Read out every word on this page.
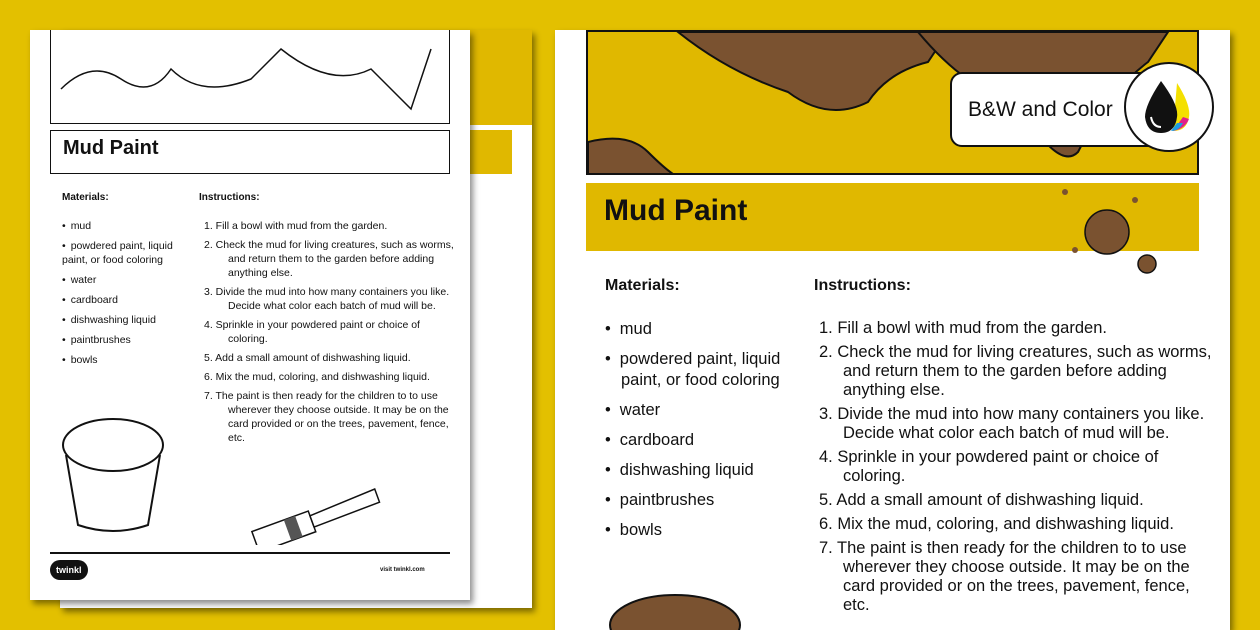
Mud Paint
Materials:	Instructions:
• mud
• powdered paint, liquid paint, or food coloring
• water
• cardboard
• dishwashing liquid
• paintbrushes
• bowls
1. Fill a bowl with mud from the garden.
2. Check the mud for living creatures, such as worms, and return them to the garden before adding anything else.
3. Divide the mud into how many containers you like. Decide what color each batch of mud will be.
4. Sprinkle in your powdered paint or choice of coloring.
5. Add a small amount of dishwashing liquid.
6. Mix the mud, coloring, and dishwashing liquid.
7. The paint is then ready for the children to to use wherever they choose outside. It may be on the card provided or on the trees, pavement, fence, etc.
twinkl	visit twinkl.com
Mud Paint
Materials:	Instructions:
• mud
• powdered paint, liquid paint, or food coloring
• water
• cardboard
• dishwashing liquid
• paintbrushes
• bowls
1. Fill a bowl with mud from the garden.
2. Check the mud for living creatures, such as worms, and return them to the garden before adding anything else.
3. Divide the mud into how many containers you like. Decide what color each batch of mud will be.
4. Sprinkle in your powdered paint or choice of coloring.
5. Add a small amount of dishwashing liquid.
6. Mix the mud, coloring, and dishwashing liquid.
7. The paint is then ready for the children to to use wherever they choose outside. It may be on the card provided or on the trees, pavement, fence, etc.
B&W and Color
